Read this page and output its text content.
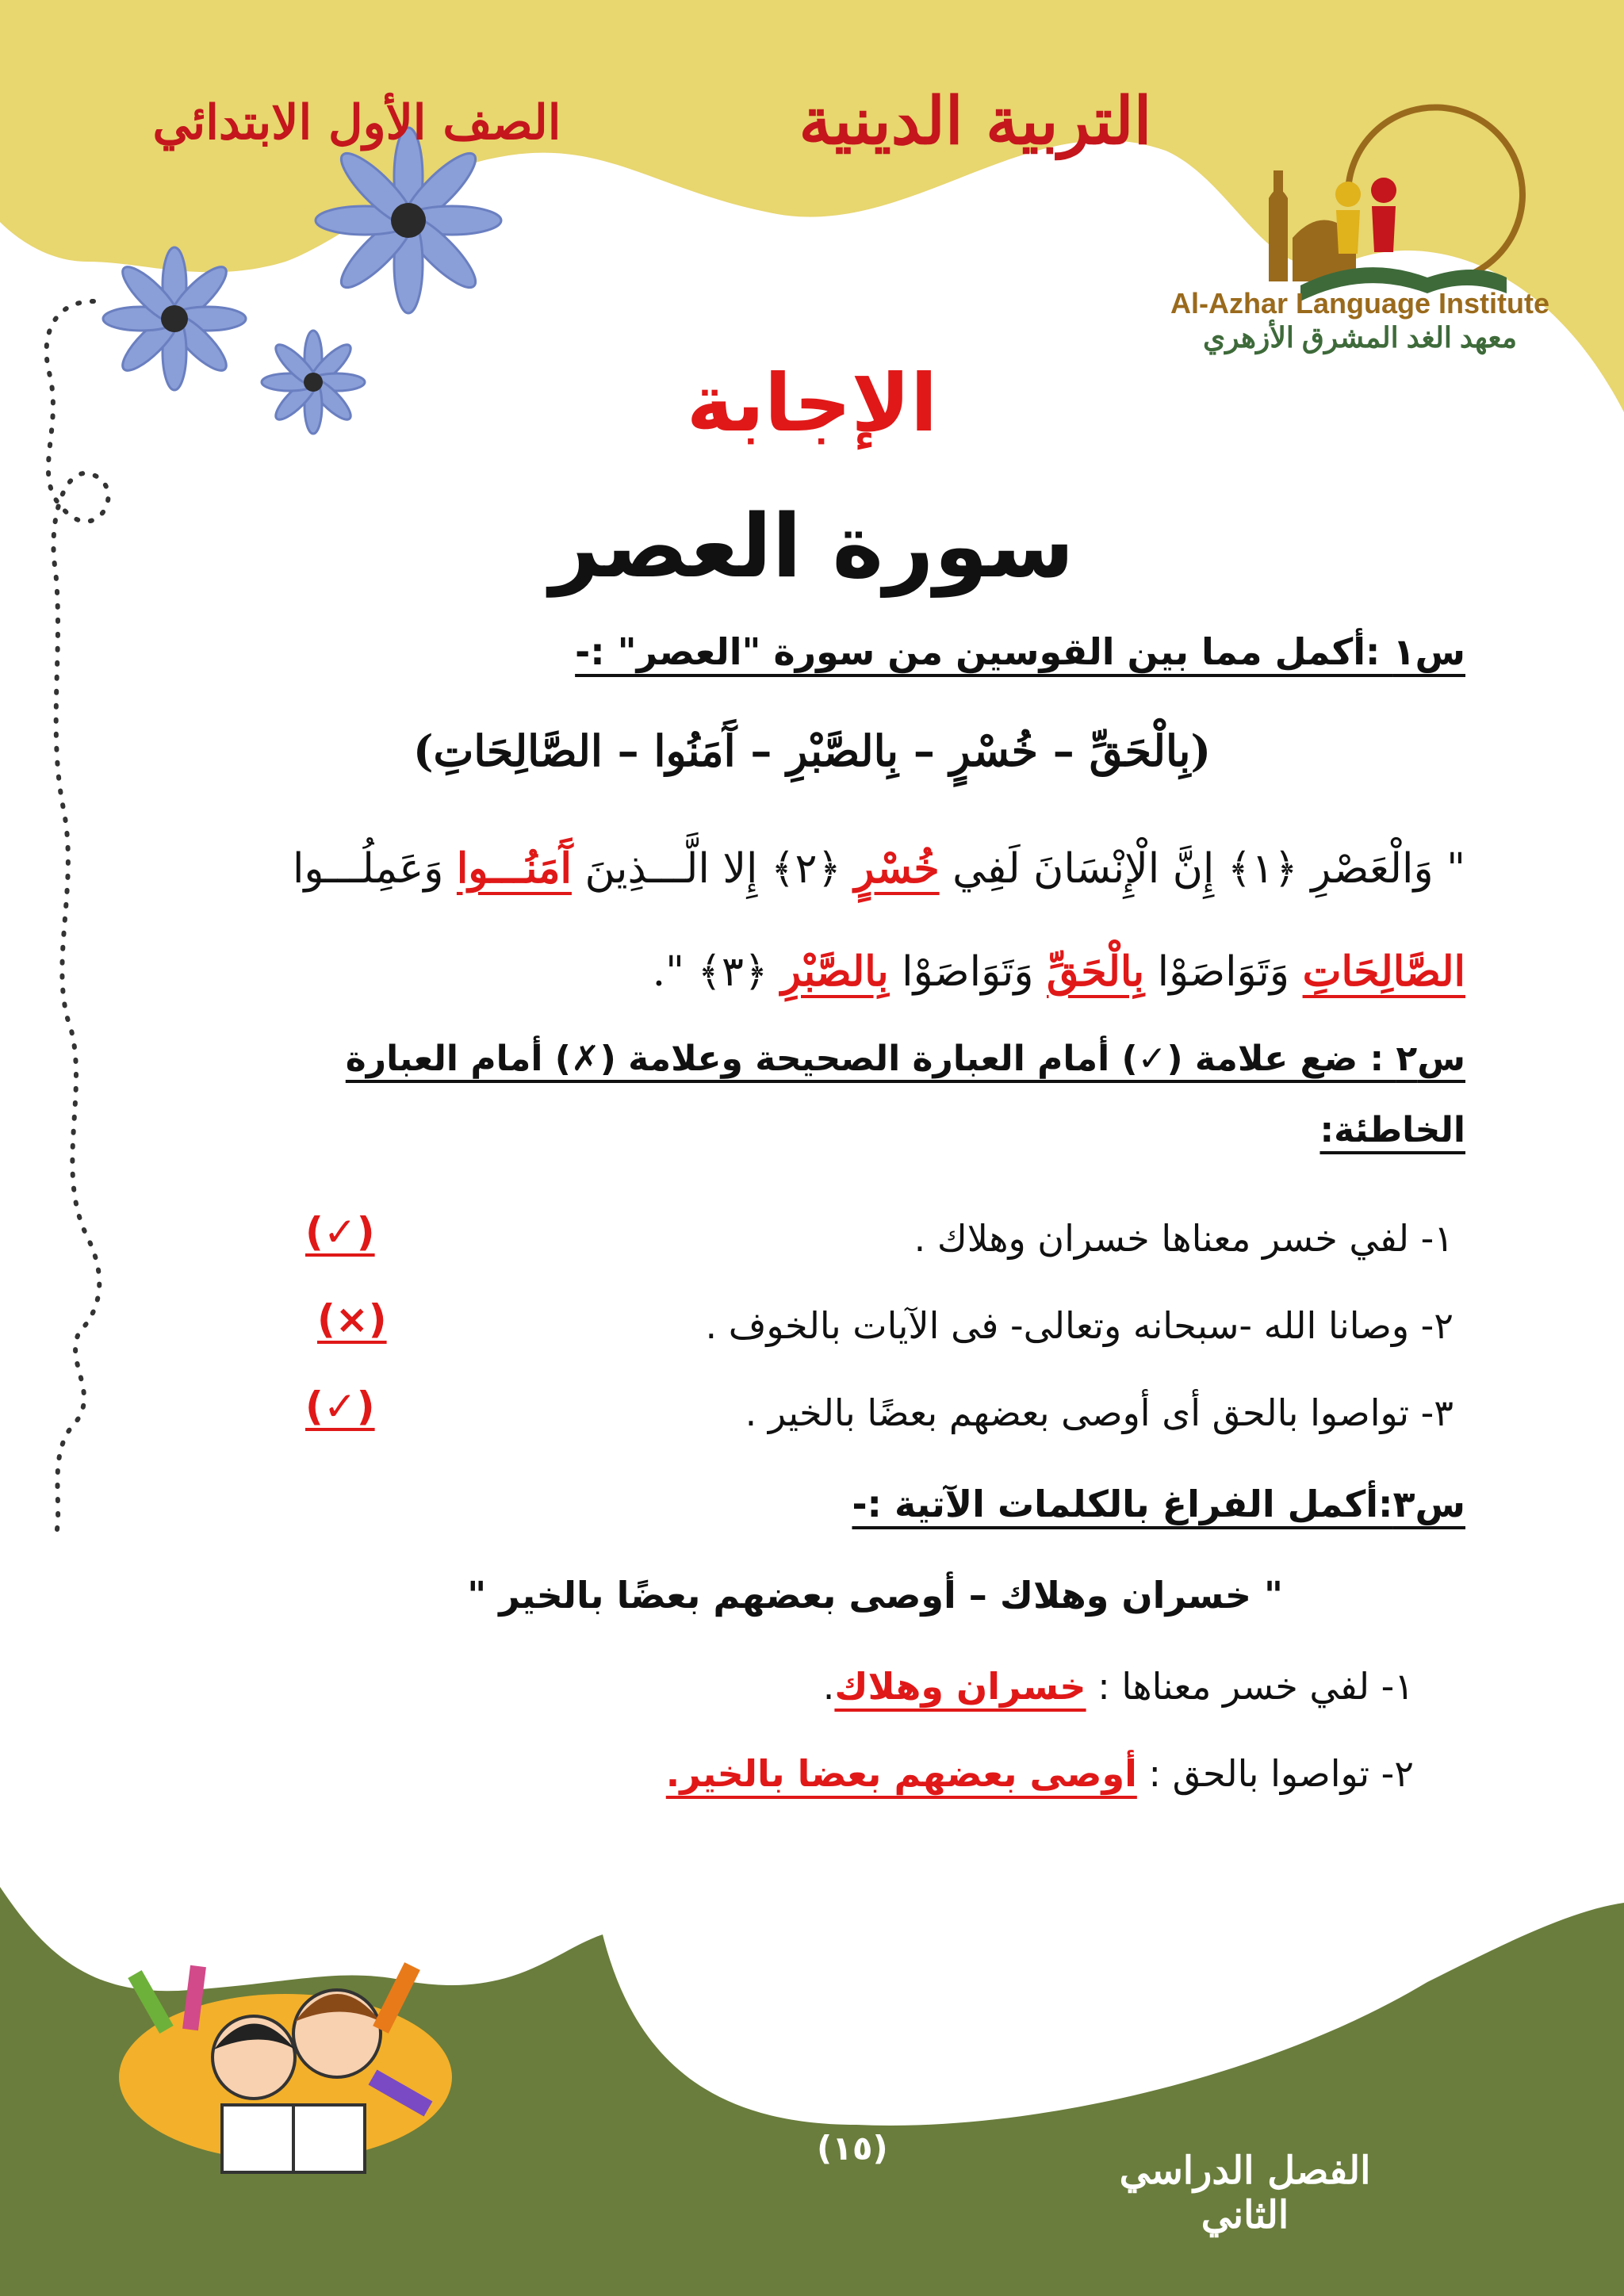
التربية الدينية
الصف الأول الابتدائي
Al-Azhar Language Institute
معهد الغد المشرق الأزهري
الإجابة
سورة العصر
س١ :أكمل مما بين القوسين من سورة "العصر" :-
(بِالْحَقِّ – خُسْرٍ – بِالصَّبْرِ – آَمَنُوا – الصَّالِحَاتِ)
" وَالْعَصْرِ ﴿١﴾ إِنَّ الْإِنْسَانَ لَفِي خُسْرٍ ﴿٢﴾ إِلا الَّـــذِينَ آَمَنُـــوا وَعَمِلُـــوا
الصَّالِحَاتِ وَتَوَاصَوْا بِالْحَقِّ وَتَوَاصَوْا بِالصَّبْرِ ﴿٣﴾ ".
س٢ : ضع علامة (✓) أمام العبارة الصحيحة وعلامة (✗) أمام العبارة
الخاطئة:
١- لفي خسر معناها خسران وهلاك .
(✓)
٢- وصانا الله -سبحانه وتعالى- فى الآيات بالخوف .
(×)
٣- تواصوا بالحق أى أوصى بعضهم بعضًا بالخير .
(✓)
س٣:أكمل الفراغ بالكلمات الآتية :-
" خسران وهلاك – أوصى بعضهم بعضًا بالخير "
١- لفي خسر معناها : خسران وهلاك.
٢- تواصوا بالحق : أوصى بعضهم بعضا بالخير.
(١٥)
الفصل الدراسي الثاني
